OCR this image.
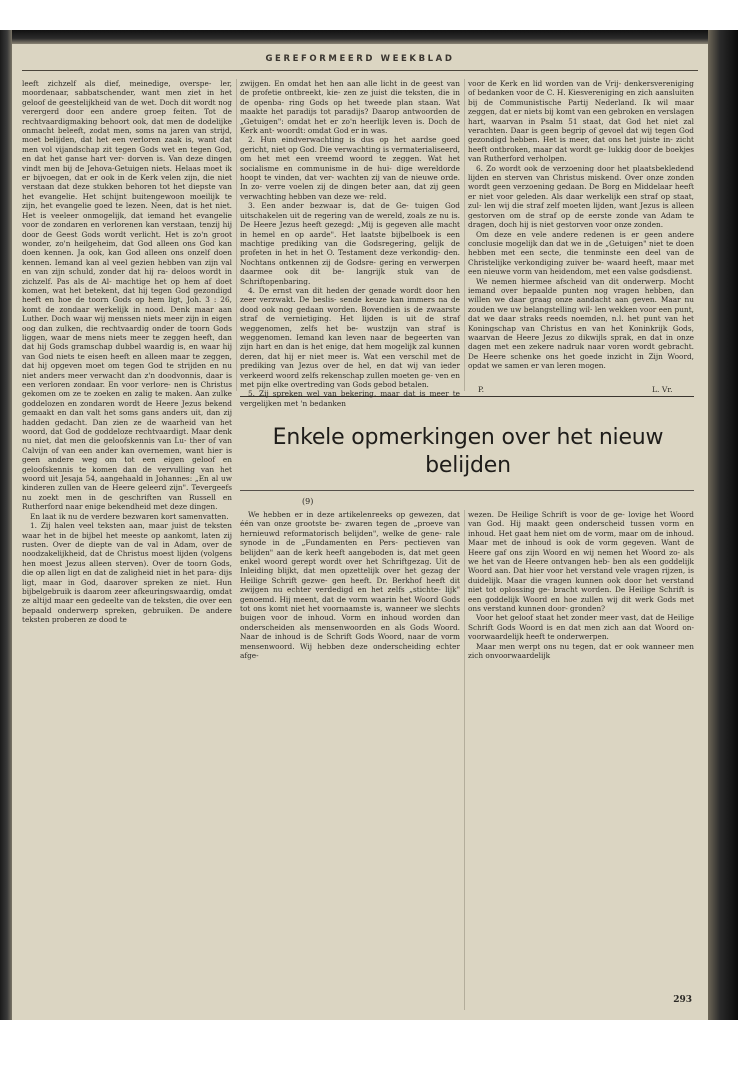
GEREFORMEERD WEEKBLAD

leeft zichzelf als dief, meinedige, overspe- ler, moordenaar, sabbatschender, want men ziet in het geloof de geestelijkheid van de wet. Doch dit wordt nog verergerd door een andere groep feiten. Tot de rechtvaardigmaking behoort ook, dat men de dodelijke onmacht beleeft, zodat men, soms na jaren van strijd, moet belijden, dat het een verloren zaak is, want dat men vol vijandschap zit tegen Gods wet en tegen God, en dat het ganse hart ver- dorven is. Van deze dingen vindt men bij de Jehova-Getuigen niets. Helaas moet ik er bijvoegen, dat er ook in de Kerk velen zijn, die niet verstaan dat deze stukken behoren tot het diepste van het evangelie. Het schijnt buitengewoon moeilijk te zijn, het evangelie goed te lezen. Neen, dat is het niet. Het is veeleer onmogelijk, dat iemand het evangelie voor de zondaren en verlorenen kan verstaan, tenzij hij door de Geest Gods wordt verlicht. Het is zo'n groot wonder, zo'n heilgeheim, dat God alleen ons God kan doen kennen. Ja ook, kan God alleen ons onzelf doen kennen. Iemand kan al veel gezien hebben van zijn val en van zijn schuld, zonder dat hij ra- deloos wordt in zichzelf. Pas als de Al- machtige het op hem af doet komen, wat het betekent, dat hij tegen God gezondigd heeft en hoe de toorn Gods op hem ligt, Joh. 3 : 26, komt de zondaar werkelijk in nood. Denk maar aan Luther. Doch waar wij menssen niets meer zijn in eigen oog dan zulken, die rechtvaardig onder de toorn Gods liggen, waar de mens niets meer te zeggen heeft, dan dat hij Gods gramschap dubbel waardig is, en waar hij van God niets te eisen heeft en alleen maar te zeggen, dat hij opgeven moet om tegen God te strijden en nu niet anders meer verwacht dan z'n doodvonnis, daar is een verloren zondaar. En voor verlore- nen is Christus gekomen om ze te zoeken en zalig te maken. Aan zulke goddelozen en zondaren wordt de Heere Jezus bekend gemaakt en dan valt het soms gans anders uit, dan zij hadden gedacht. Dan zien ze de waarheid van het woord, dat God de goddeloze rechtvaardigt. Maar denk nu niet, dat men die geloofskennis van Lu- ther of van Calvijn of van een ander kan overnemen, want hier is geen andere weg om tot een eigen geloof en geloofskennis te komen dan de vervulling van het woord uit Jesaja 54, aangehaald in Johannes: „En al uw kinderen zullen van de Heere geleerd zijn". Tevergeefs nu zoekt men in de geschriften van Russell en Rutherford naar enige bekendheid met deze dingen.

En laat ik nu de verdere bezwaren kort samenvatten.

1. Zij halen veel teksten aan, maar juist de teksten waar het in de bijbel het meeste op aankomt, laten zij rusten. Over de diepte van de val in Adam, over de noodzakelijkheid, dat de Christus moest lijden (volgens hen moest Jezus alleen sterven). Over de toorn Gods, die op allen ligt en dat de zaligheid niet in het para- dijs ligt, maar in God, daarover spreken ze niet. Hun bijbelgebruik is daarom zeer afkeuringswaardig, omdat ze altijd maar een gedeelte van de teksten, die over een bepaald onderwerp spreken, gebruiken. De andere teksten proberen ze dood te

zwijgen. En omdat het hen aan alle licht in de geest van de profetie ontbreekt, kie- zen ze juist die teksten, die in de openba- ring Gods op het tweede plan staan. Wat maakte het paradijs tot paradijs? Daarop antwoorden de „Getuigen": omdat het er zo'n heerlijk leven is. Doch de Kerk ant- woordt: omdat God er in was.

2. Hun eindverwachting is dus op het aardse goed gericht, niet op God. Die verwachting is vermaterialiseerd, om het met een vreemd woord te zeggen. Wat het socialisme en communisme in de hui- dige wereldorde hoopt te vinden, dat ver- wachten zij van de nieuwe orde. In zo- verre voelen zij de dingen beter aan, dat zij geen verwachting hebben van deze we- reld.

3. Een ander bezwaar is, dat de Ge- tuigen God uitschakelen uit de regering van de wereld, zoals ze nu is. De Heere Jezus heeft gezegd: „Mij is gegeven alle macht in hemel en op aarde". Het laatste bijbelboek is een machtige prediking van die Godsregering, gelijk de profeten in het in het O. Testament deze verkondig- den. Nochtans ontkennen zij de Godsre- gering en verwerpen daarmee ook dit be- langrijk stuk van de Schriftopenbaring.

4. De ernst van dit heden der genade wordt door hen zeer verzwakt. De beslis- sende keuze kan immers na de dood ook nog gedaan worden. Bovendien is de zwaarste straf de vernietiging. Het lijden is uit de straf weggenomen, zelfs het be- wustzijn van straf is weggenomen. Iemand kan leven naar de begeerten van zijn hart en dan is het enige, dat hem mogelijk zal kunnen deren, dat hij er niet meer is. Wat een verschil met de prediking van Jezus over de hel, en dat wij van ieder verkeerd woord zelfs rekenschap zullen moeten ge- ven en met pijn elke overtreding van Gods gebod betalen.

5. Zij spreken wel van bekering, maar dat is meer te vergelijken met 'n bedanken

voor de Kerk en lid worden van de Vrij- denkersvereniging of bedanken voor de C. H. Kiesvereniging en zich aansluiten bij de Communistische Partij Nederland. Ik wil maar zeggen, dat er niets bij komt van een gebroken en verslagen hart, waarvan in Psalm 51 staat, dat God het niet zal verachten. Daar is geen begrip of gevoel dat wij tegen God gezondigd hebben. Het is meer, dat ons het juiste in- zicht heeft ontbroken, maar dat wordt ge- lukkig door de boekjes van Rutherford verholpen.

6. Zo wordt ook de verzoening door het plaatsbekledend lijden en sterven van Christus miskend. Over onze zonden wordt geen verzoening gedaan. De Borg en Middelaar heeft er niet voor geleden. Als daar werkelijk een straf op staat, zul- len wij die straf zelf moeten lijden, want Jezus is alleen gestorven om de straf op de eerste zonde van Adam te dragen, doch hij is niet gestorven voor onze zonden.

Om deze en vele andere redenen is er geen andere conclusie mogelijk dan dat we in de „Getuigen" niet te doen hebben met een secte, die tenminste een deel van de Christelijke verkondiging zuiver be- waard heeft, maar met een nieuwe vorm van heidendom, met een valse godsdienst.

We nemen hiermee afscheid van dit onderwerp. Mocht iemand over bepaalde punten nog vragen hebben, dan willen we daar graag onze aandacht aan geven. Maar nu zouden we uw belangstelling wil- len wekken voor een punt, dat we daar straks reeds noemden, n.l. het punt van het Koningschap van Christus en van het Koninkrijk Gods, waarvan de Heere Jezus zo dikwijls sprak, en dat in onze dagen met een zekere nadruk naar voren wordt gebracht. De Heere schenke ons het goede inzicht in Zijn Woord, opdat we samen er van leren mogen.

P.	L. Vr.
Enkele opmerkingen over het nieuw belijden
(9)

We hebben er in deze artikelenreeks op gewezen, dat één van onze grootste be- zwaren tegen de „proeve van hernieuwd reformatorisch belijden", welke de gene- rale synode in de „Fundamenten en Pers- pectieven van belijden" aan de kerk heeft aangeboden is, dat met geen enkel woord gerept wordt over het Schriftgezag. Uit de Inleiding blijkt, dat men opzettelijk over het gezag der Heilige Schrift gezwe- gen heeft. Dr. Berkhof heeft dit zwijgen nu echter verdedigd en het zelfs „stichte- lijk" genoemd. Hij meent, dat de vorm waarin het Woord Gods tot ons komt niet het voornaamste is, wanneer we slechts buigen voor de inhoud. Vorm en inhoud worden dan onderscheiden als mensenwoorden en als Gods Woord. Naar de inhoud is de Schrift Gods Woord, naar de vorm mensenwoord. Wij hebben deze onderscheiding echter afge-

wezen. De Heilige Schrift is voor de ge- lovige het Woord van God. Hij maakt geen onderscheid tussen vorm en inhoud. Het gaat hem niet om de vorm, maar om de inhoud. Maar met de inhoud is ook de vorm gegeven. Want de Heere gaf ons zijn Woord en wij nemen het Woord zo- als we het van de Heere ontvangen heb- ben als een goddelijk Woord aan. Dat hier voor het verstand vele vragen rijzen, is duidelijk. Maar die vragen kunnen ook door het verstand niet tot oplossing ge- bracht worden. De Heilige Schrift is een goddelijk Woord en hoe zullen wij dit werk Gods met ons verstand kunnen door- gronden?

Voor het geloof staat het zonder meer vast, dat de Heilige Schrift Gods Woord is en dat men zich aan dat Woord on- voorwaardelijk heeft te onderwerpen.

Maar men werpt ons nu tegen, dat er ook wanneer men zich onvoorwaardelijk

293
